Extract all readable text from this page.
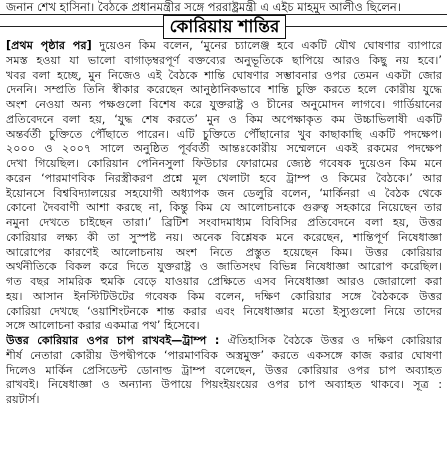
জনান শেখ হাসিনা। বৈঠকে প্রধানমন্ত্রীর সঙ্গে পররাষ্ট্রমন্ত্রী এ এইচ মাহমুদ আলীও ছিলেন।
কোরিয়ায় শান্তির
[প্রথম পৃষ্ঠার পর] দুয়েওন কিম বলেন, ‘মুনের চ্যালেঞ্জ হবে একটি যৌথ ঘোষণার ব্যাপারে
সমস্ত হওয়া যা ভালো বাগাড়ম্বরপূর্ণ বক্তব্যের অনুভূতিকে ছাপিয়ে আরও কিছু নয় হবে।’
খবর বলা হচ্ছে, মুন নিজেও এই বৈঠকে শান্তি ঘোষণার সম্ভাবনার ওপর তেমন একটা জোর
দেননি। সম্প্রতি তিনি স্বীকার করেছেন আনুষ্ঠানিকভাবে শান্তি চুক্তি করতে হলে কোরীয় যুদ্ধে
অংশ নেওয়া অন্য পক্ষগুলো বিশেষ করে যুক্তরাষ্ট্র ও চীনের অনুমোদন লাগবে। গার্ডিয়ানের
প্রতিবেদনে বলা হয়, ‘যুদ্ধ শেষ করতে’ মুন ও কিম অপেক্ষাকৃত কম উচ্চাভিলাষী একটি
অন্তর্বর্তী চুক্তিতে পৌঁছাতে পারেন। এটি চুক্তিতে পৌঁছানোর খুব কাছাকাছি একটি পদক্ষেপ।
২০০০ ও ২০০৭ সালে অনুষ্ঠিত পূর্ববর্তী আন্তঃকোরীয় সম্মেলনে একই রকমের পদক্ষেপ
দেখা গিয়েছিল। কোরিয়ান পেনিনসুলা ফিউচার ফোরামের জ্যেষ্ঠ গবেষক দুয়েওন কিম মনে
করেন ‘পারমাণবিক নিরস্ত্রীকরণ প্রশ্নে মূল খেলাটা হবে ট্রাম্প ও কিমের বৈঠকে।’ আর
ইয়োনসে বিশ্ববিদ্যালয়ের সহযোগী অধ্যাপক জন ডেলুরি বলেন, ‘মার্কিনরা এ বৈঠক থেকে
কোনো দৈববাণী আশা করছে না, কিন্তু কিম যে আলোচনাকে গুরুত্ব সহকারে নিয়েছেন তার
নমুনা দেখতে চাইছেন তারা।’ ব্রিটিশ সংবাদমাধ্যম বিবিসির প্রতিবেদনে বলা হয়, উত্তর
কোরিয়ার লক্ষ্য কী তা সুস্পষ্ট নয়। অনেক বিশ্লেষক মনে করেছেন, শান্তিপূর্ণ নিষেধাজ্ঞা
আরোপের কারণেই আলোচনায় অংশ নিতে প্রস্তুত হয়েছেন কিম। উত্তর কোরিয়ার
অর্থনীতিকে বিকল করে দিতে যুক্তরাষ্ট্র ও জাতিসংঘ বিভিন্ন নিষেধাজ্ঞা আরোপ করেছিল।
গত বছর সামরিক হুমকি বেড়ে যাওয়ার প্রেক্ষিতে এসব নিষেধাজ্ঞা আরও জোরালো করা
হয়। আসান ইনস্টিটিউটের গবেষক কিম বলেন, দক্ষিণ কোরিয়ার সঙ্গে বৈঠককে উত্তর
কোরিয়া দেখছে ‘ওয়াশিংটনকে শান্ত করার এবং নিষেধাজ্ঞার মতো ইস্যুগুলো নিয়ে তাদের
সঙ্গে আলোচনা করার একমাত্র পথ’ হিসেবে।
উত্তর কোরিয়ার ওপর চাপ রাখবই—ট্রাম্প : ঐতিহাসিক বৈঠকে উত্তর ও দক্ষিণ কোরিয়ার
শীর্ষ নেতারা কোরীয় উপদ্বীপকে ‘পারমাণবিক অস্ত্রমুক্ত’ করতে একসঙ্গে কাজ করার ঘোষণা
দিলেও মার্কিন প্রেসিডেন্ট ডোনাল্ড ট্রাম্প বলেছেন, উত্তর কোরিয়ার ওপর চাপ অব্যাহত
রাখবই। নিষেধাজ্ঞা ও অন্যান্য উপায়ে পিয়ংইয়ংয়ের ওপর চাপ অব্যাহত থাকবে। সূত্র :
রয়টার্স।
